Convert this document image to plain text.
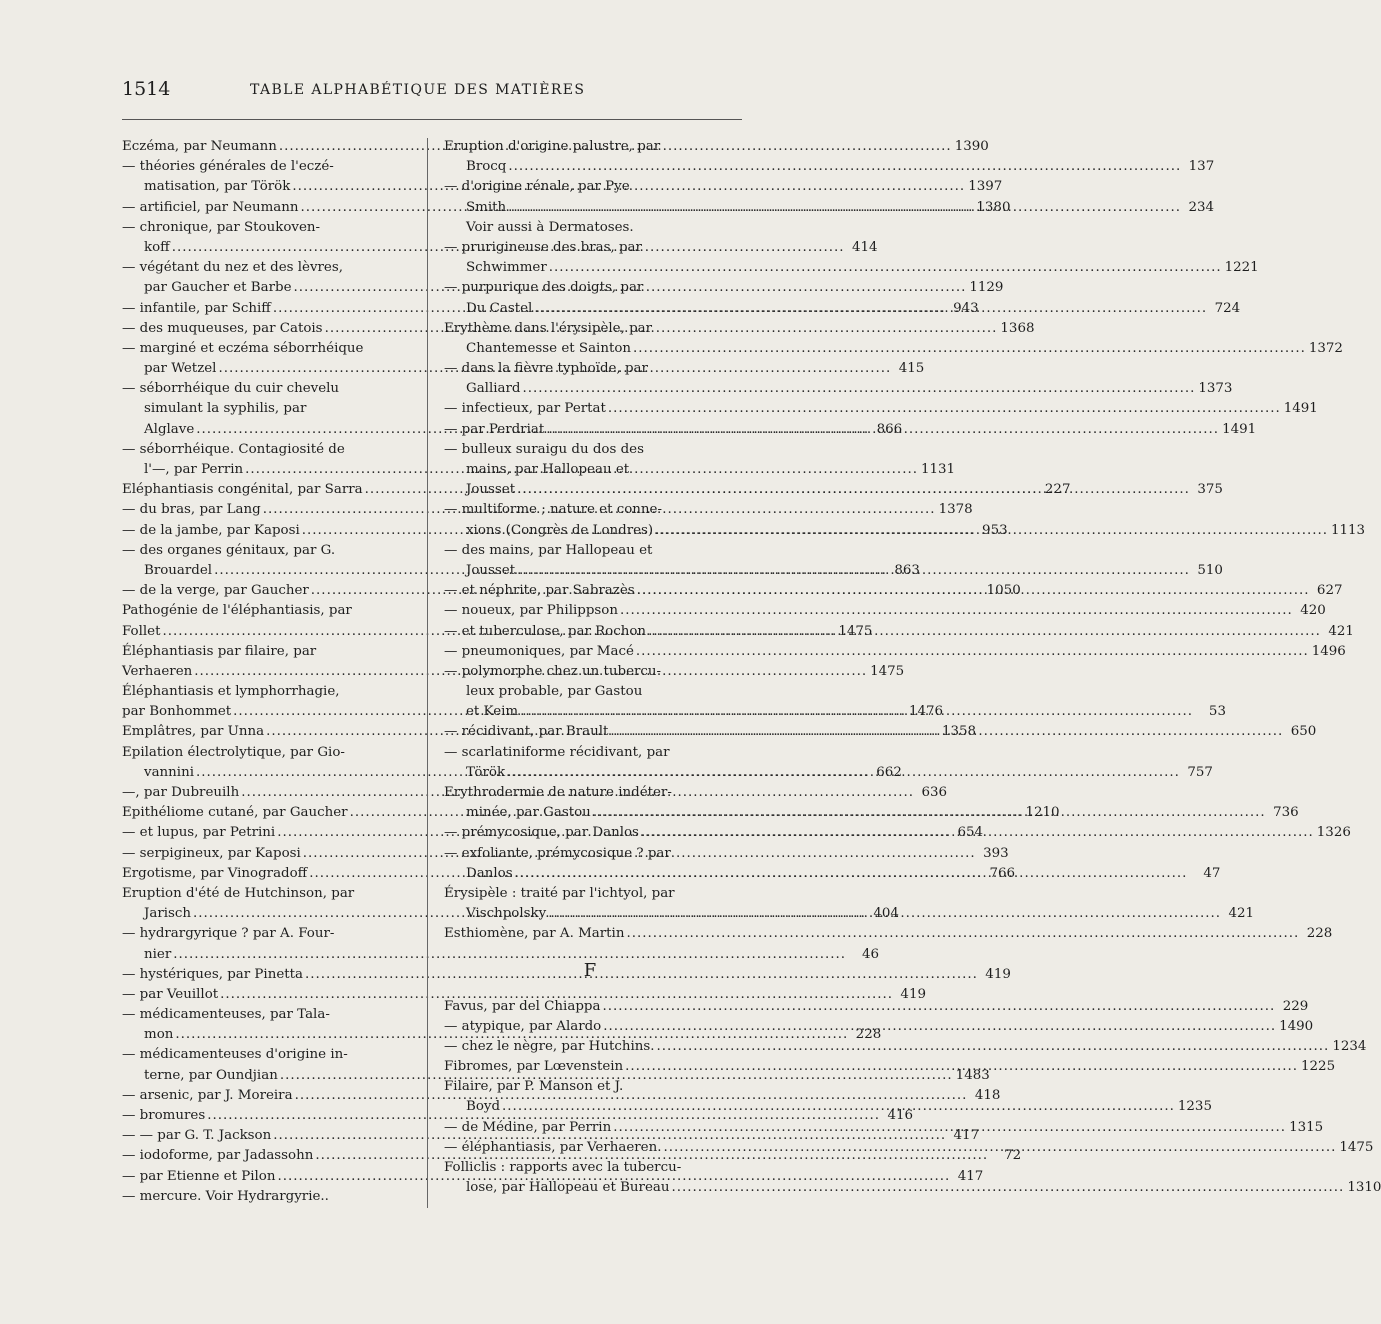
1514	TABLE ALPHABÉTIQUE DES MATIÈRES
Eczéma, par Neumann .....	1390
— théories générales de l'eczé-
matisation, par Török .....	1397
— artificiel, par Neumann .....	1380
— chronique, par Stoukoven-
koff .....	414
— végétant du nez et des lèvres,
par Gaucher et Barbe .....	1129
— infantile, par Schiff .....	943
— des muqueuses, par Catois .....	1368
— marginé et eczéma séborrhéique
par Wetzel .....	415
— séborrhéique du cuir chevelu
simulant la syphilis, par
Alglave .....	866
— séborrhéique. Contagiosité de
l'—, par Perrin .....	1131
Eléphantiasis congénital, par Sarra .....	227
— du bras, par Lang .....	1378
— de la jambe, par Kaposi .....	953
— des organes génitaux, par G.
Brouardel .....	863
— de la verge, par Gaucher .....	1050
Pathogénie de l'éléphantiasis, par
Follet .....	1475
Éléphantiasis par filaire, par
Verhaeren .....	1475
Éléphantiasis et lymphorrhagie,
par Bonhommet .....	1476
Emplâtres, par Unna .....	1358
Epilation électrolytique, par Gio-
vannini .....	662
—, par Dubreuilh .....	636
Epithéliome cutané, par Gaucher .....	1210
— et lupus, par Petrini .....	654
— serpigineux, par Kaposi .....	393
Ergotisme, par Vinogradoff .....	766
Eruption d'été de Hutchinson, par
Jarisch .....	404
— hydrargyrique ? par A. Four-
nier .....	46
— hystériques, par Pinetta .....	419
— par Veuillot .....	419
— médicamenteuses, par Tala-
mon .....	228
— médicamenteuses d'origine in-
terne, par Oundjian .....	1483
— arsenic, par J. Moreira .....	418
— bromures .....	416
— — par G. T. Jackson .....	417
— iodoforme, par Jadassohn .....	72
— par Etienne et Pilon .....	417
— mercure. Voir Hydrargyrie..
Eruption d'origine palustre, par
Brocq .....	137
— d'origine rénale, par Pye
Smith .....	234
Voir aussi à Dermatoses.
— prurigineuse des bras, par
Schwimmer .....	1221
— purpurique des doigts, par
Du Castel .....	724
Erythème dans l'érysipèle, par
Chantemesse et Sainton .....	1372
— dans la fièvre typhoïde, par
Galliard .....	1373
— infectieux, par Pertat .....	1491
— par Perdriat .....	1491
— bulleux suraigu du dos des
mains, par Hallopeau et
Jousset .....	375
— multiforme ; nature et conne-
xions (Congrès de Londres) .....	1113
— des mains, par Hallopeau et
Jousset .....	510
— et néphrite, par Sabrazès .....	627
— noueux, par Philippson .....	420
— et tuberculose, par Rochon .....	421
— pneumoniques, par Macé .....	1496
— polymorphe chez un tubercu-
leux probable, par Gastou
et Keim .....	53
— récidivant, par Brault .....	650
— scarlatiniforme récidivant, par
Török .....	757
Erythrodermie de nature indéter-
minée, par Gastou .....	736
— prémycosique, par Danlos .....	1326
— exfoliante, prémycosique ? par
Danlos .....	47
Érysipèle : traité par l'ichtyol, par
Vischpolsky .....	421
Esthiomène, par A. Martin .....	228
F
Favus, par del Chiappa .....	229
— atypique, par Alardo .....	1490
— chez le nègre, par Hutchins. .....	1234
Fibromes, par Lœvenstein .....	1225
Filaire, par P. Manson et J.
Boyd .....	1235
— de Médine, par Perrin .....	1315
— éléphantiasis, par Verhaeren. .....	1475
Folliclis : rapports avec la tubercu-
lose, par Hallopeau et Bureau .....	1310
